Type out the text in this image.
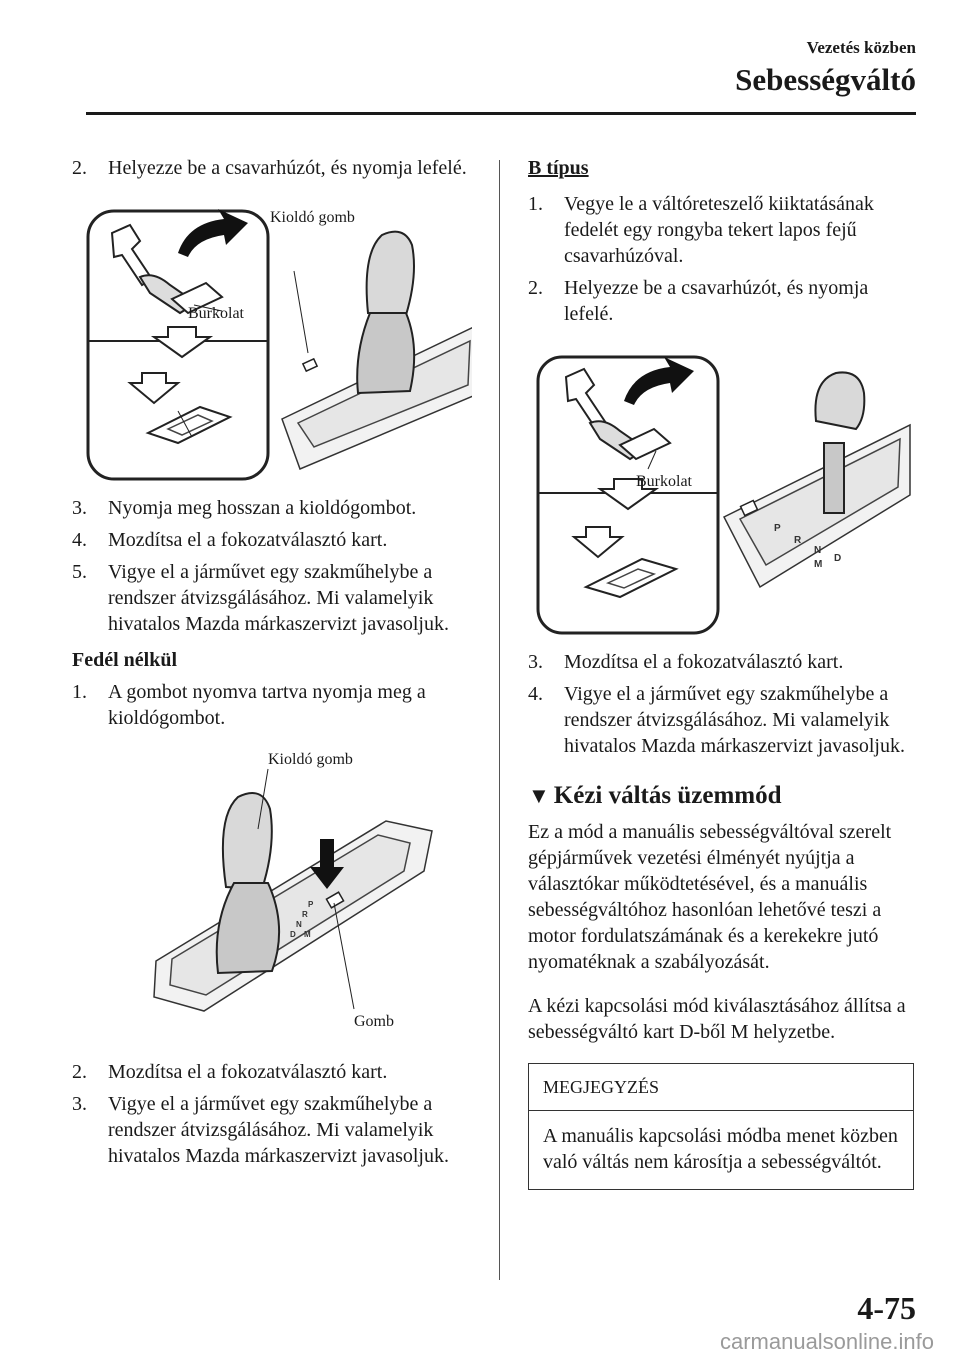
Vezetés közben
Sebességváltó
2.	Helyezze be a csavarhúzót, és nyomja lefelé.
Kioldó gomb
Burkolat
3.	Nyomja meg hosszan a kioldógombot.
4.	Mozdítsa el a fokozatválasztó kart.
5.	Vigye el a járművet egy szakműhelybe a rendszer átvizsgálásához. Mi valamelyik hivatalos Mazda márkaszervizt javasoljuk.
Fedél nélkül
1.	A gombot nyomva tartva nyomja meg a kioldógombot.
P
R
N
D M
Kioldó gomb
Gomb
2.	Mozdítsa el a fokozatválasztó kart.
3.	Vigye el a járművet egy szakműhelybe a rendszer átvizsgálásához. Mi valamelyik hivatalos Mazda márkaszervizt javasoljuk.
B típus
1.	Vegye le a váltóreteszelő kiiktatásának fedelét egy rongyba tekert lapos fejű csavarhúzóval.
2.	Helyezze be a csavarhúzót, és nyomja lefelé.
P
R
N
D
M
Burkolat
3.	Mozdítsa el a fokozatválasztó kart.
4.	Vigye el a járművet egy szakműhelybe a rendszer átvizsgálásához. Mi valamelyik hivatalos Mazda márkaszervizt javasoljuk.
▼ Kézi váltás üzemmód
Ez a mód a manuális sebességváltóval szerelt gépjárművek vezetési élményét nyújtja a választókar működtetésével, és a manuális sebességváltóhoz hasonlóan lehetővé teszi a motor fordulatszámának és a kerekekre jutó nyomatéknak a szabályozását.
A kézi kapcsolási mód kiválasztásához állítsa a sebességváltó kart D-ből M helyzetbe.
MEGJEGYZÉS
A manuális kapcsolási módba menet közben való váltás nem károsítja a sebességváltót.
4-75
carmanualsonline.info
